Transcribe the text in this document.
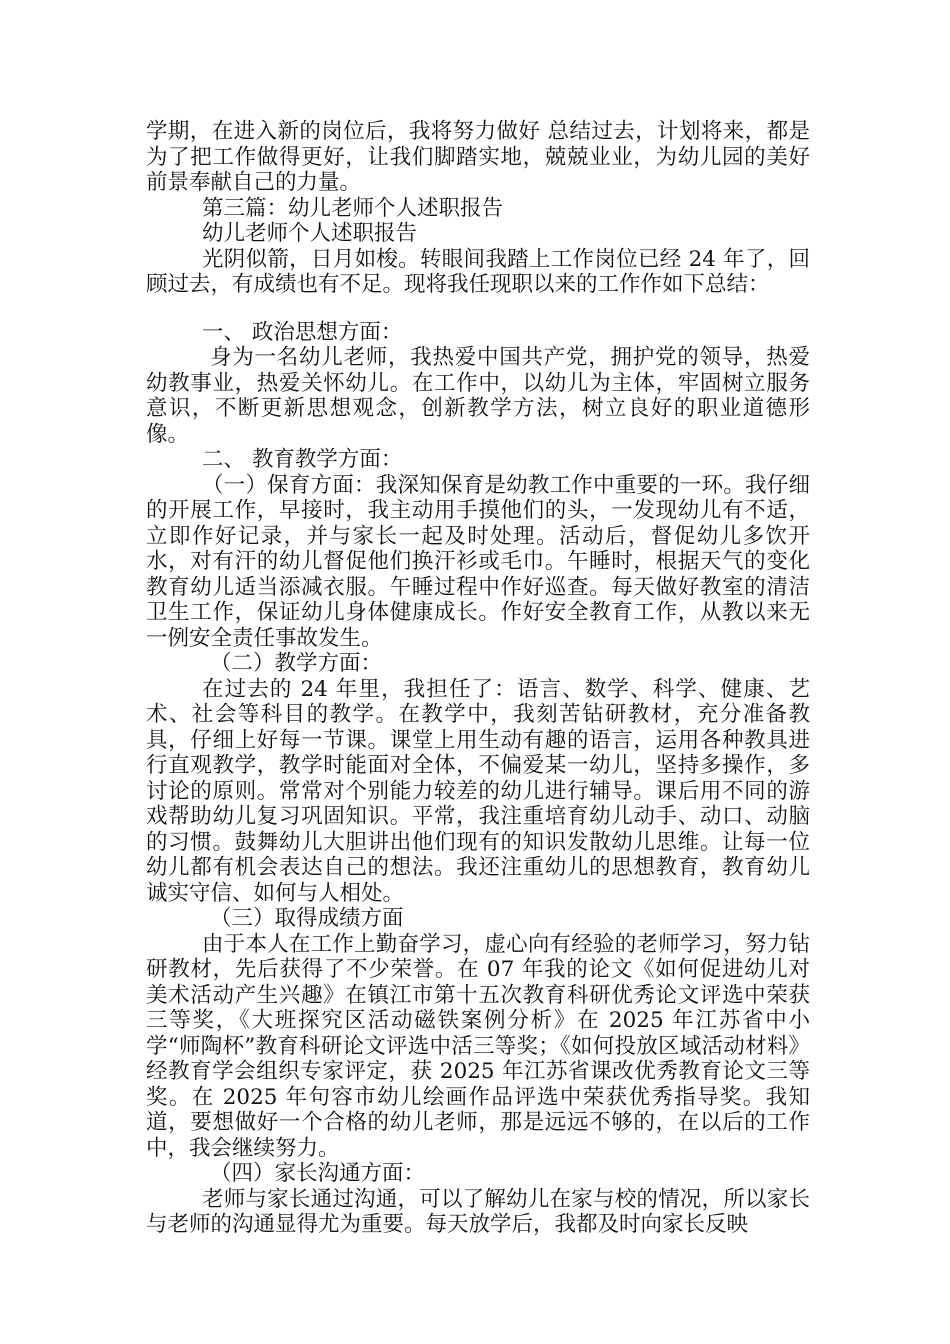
学期，在进入新的岗位后，我将努力做好 总结过去，计划将来，都是为了把工作做得更好，让我们脚踏实地，兢兢业业，为幼儿园的美好前景奉献自己的力量。

第三篇：幼儿老师个人述职报告

幼儿老师个人述职报告

光阴似箭，日月如梭。转眼间我踏上工作岗位已经 24 年了，回顾过去，有成绩也有不足。现将我任现职以来的工作作如下总结：

一、 政治思想方面：

身为一名幼儿老师，我热爱中国共产党，拥护党的领导，热爱幼教事业，热爱关怀幼儿。在工作中，以幼儿为主体，牢固树立服务意识，不断更新思想观念，创新教学方法，树立良好的职业道德形像。

二、 教育教学方面：

（一）保育方面：我深知保育是幼教工作中重要的一环。我仔细的开展工作，早接时，我主动用手摸他们的头，一发现幼儿有不适，立即作好记录，并与家长一起及时处理。活动后，督促幼儿多饮开水，对有汗的幼儿督促他们换汗衫或毛巾。午睡时，根据天气的变化教育幼儿适当添减衣服。午睡过程中作好巡查。每天做好教室的清洁卫生工作，保证幼儿身体健康成长。作好安全教育工作，从教以来无一例安全责任事故发生。

（二）教学方面：

在过去的 24 年里，我担任了：语言、数学、科学、健康、艺术、社会等科目的教学。在教学中，我刻苦钻研教材，充分准备教具，仔细上好每一节课。课堂上用生动有趣的语言，运用各种教具进行直观教学，教学时能面对全体，不偏爱某一幼儿，坚持多操作，多讨论的原则。常常对个别能力较差的幼儿进行辅导。课后用不同的游戏帮助幼儿复习巩固知识。平常，我注重培育幼儿动手、动口、动脑的习惯。鼓舞幼儿大胆讲出他们现有的知识发散幼儿思维。让每一位幼儿都有机会表达自己的想法。我还注重幼儿的思想教育，教育幼儿诚实守信、如何与人相处。

（三）取得成绩方面

由于本人在工作上勤奋学习，虚心向有经验的老师学习，努力钻研教材，先后获得了不少荣誉。在 07 年我的论文《如何促进幼儿对美术活动产生兴趣》在镇江市第十五次教育科研优秀论文评选中荣获三等奖，《大班探究区活动磁铁案例分析》在 2025 年江苏省中小学“师陶杯”教育科研论文评选中活三等奖；《如何投放区域活动材料》经教育学会组织专家评定，获 2025 年江苏省课改优秀教育论文三等奖。在 2025 年句容市幼儿绘画作品评选中荣获优秀指导奖。我知道，要想做好一个合格的幼儿老师，那是远远不够的，在以后的工作中，我会继续努力。

（四）家长沟通方面：

老师与家长通过沟通，可以了解幼儿在家与校的情况，所以家长与老师的沟通显得尤为重要。每天放学后，我都及时向家长反映
